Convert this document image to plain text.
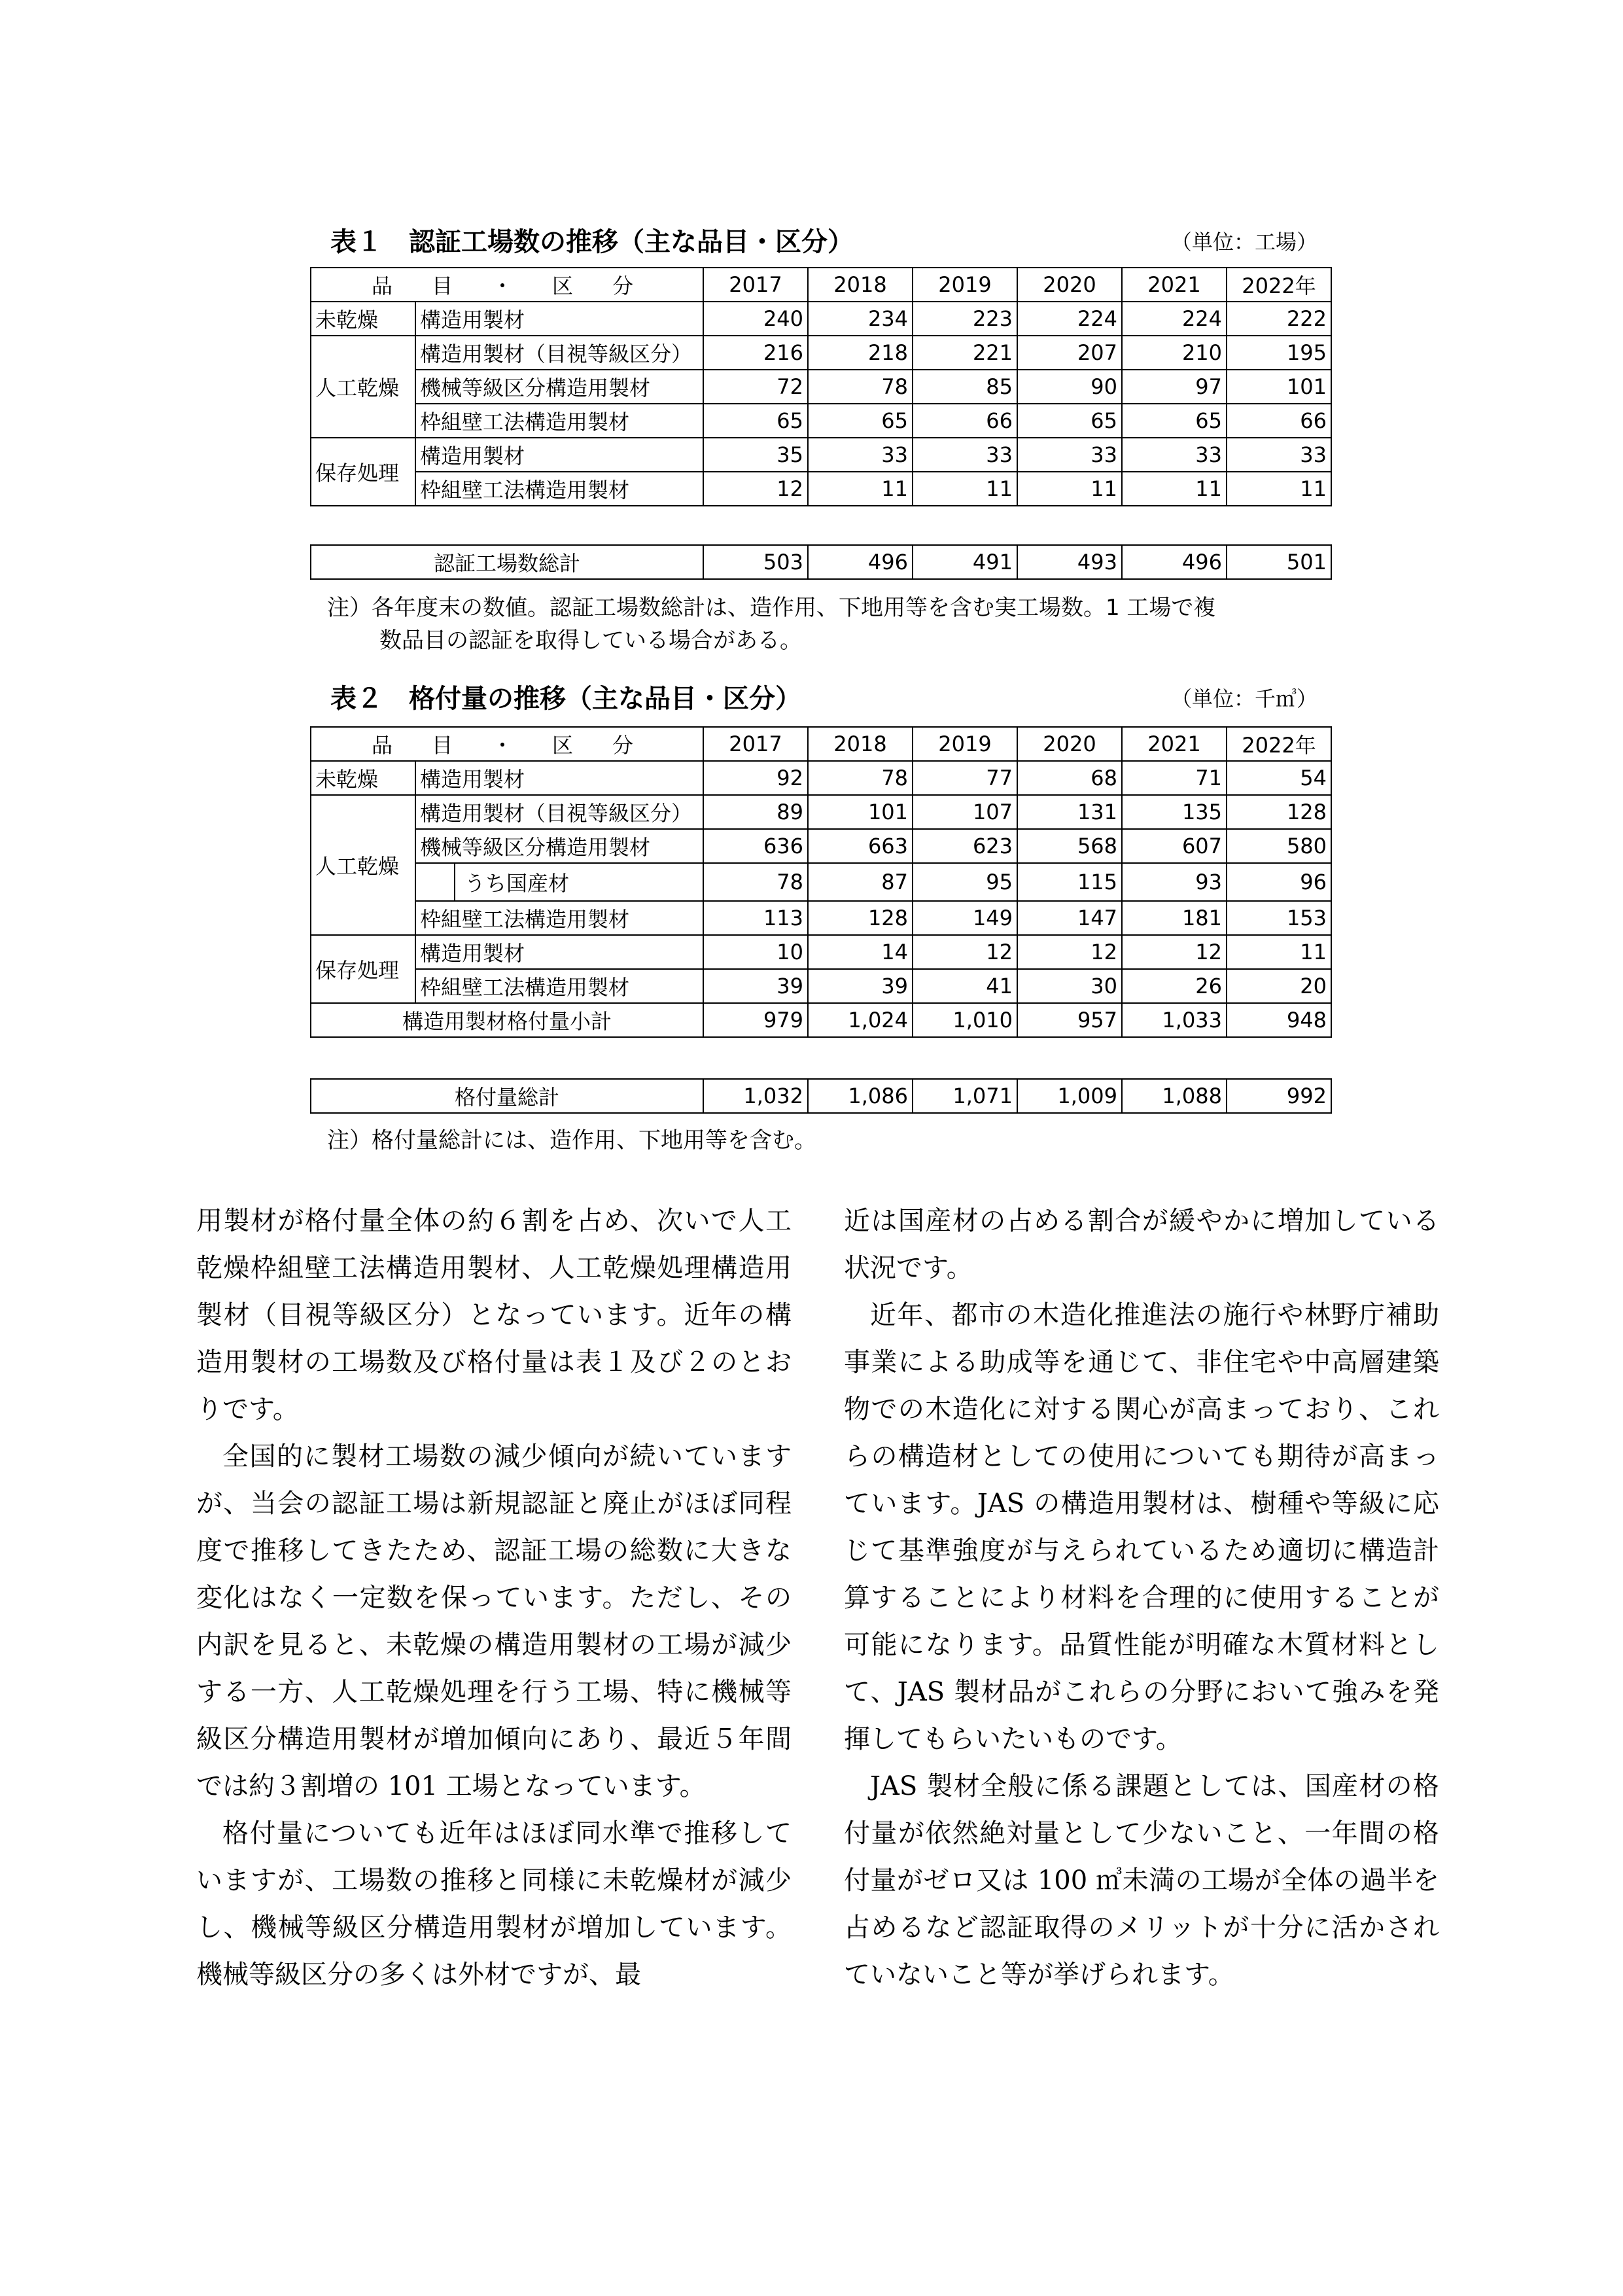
表１　認証工場数の推移（主な品目・区分）	（単位：工場）
品　目　・　区　分		2017	2018	2019	2020	2021	2022年
未乾燥	構造用製材	240	234	223	224	224	222
人工乾燥	構造用製材（目視等級区分）	216	218	221	207	210	195
	機械等級区分構造用製材	72	78	85	90	97	101
	枠組壁工法構造用製材	65	65	66	65	65	66
保存処理	構造用製材	35	33	33	33	33	33
	枠組壁工法構造用製材	12	11	11	11	11	11
認証工場数総計	503	496	491	493	496	501
注）各年度末の数値。認証工場数総計は、造作用、下地用等を含む実工場数。1 工場で複
数品目の認証を取得している場合がある。
表２　格付量の推移（主な品目・区分）	（単位：千㎥）
品　目　・　区　分		2017	2018	2019	2020	2021	2022年
未乾燥	構造用製材	92	78	77	68	71	54
人工乾燥	構造用製材（目視等級区分）	89	101	107	131	135	128
	機械等級区分構造用製材	636	663	623	568	607	580

	うち国産材	78	87	95	115	93	96
	枠組壁工法構造用製材	113	128	149	147	181	153
保存処理	構造用製材	10	14	12	12	12	11
	枠組壁工法構造用製材	39	39	41	30	26	20
構造用製材格付量小計		979	1,024	1,010	957	1,033	948
格付量総計	1,032	1,086	1,071	1,009	1,088	992
注）格付量総計には、造作用、下地用等を含む。

用製材が格付量全体の約６割を占め、次いで人工乾燥枠組壁工法構造用製材、人工乾燥処理構造用製材（目視等級区分）となっています。近年の構造用製材の工場数及び格付量は表１及び２のとおりです。

全国的に製材工場数の減少傾向が続いていますが、当会の認証工場は新規認証と廃止がほぼ同程度で推移してきたため、認証工場の総数に大きな変化はなく一定数を保っています。ただし、その内訳を見ると、未乾燥の構造用製材の工場が減少する一方、人工乾燥処理を行う工場、特に機械等級区分構造用製材が増加傾向にあり、最近５年間では約３割増の 101 工場となっています。

格付量についても近年はほぼ同水準で推移していますが、工場数の推移と同様に未乾燥材が減少し、機械等級区分構造用製材が増加しています。機械等級区分の多くは外材ですが、最

近は国産材の占める割合が緩やかに増加している状況です。

近年、都市の木造化推進法の施行や林野庁補助事業による助成等を通じて、非住宅や中高層建築物での木造化に対する関心が高まっており、これらの構造材としての使用についても期待が高まっています。JAS の構造用製材は、樹種や等級に応じて基準強度が与えられているため適切に構造計算することにより材料を合理的に使用することが可能になります。品質性能が明確な木質材料として、JAS 製材品がこれらの分野において強みを発揮してもらいたいものです。

JAS 製材全般に係る課題としては、国産材の格付量が依然絶対量として少ないこと、一年間の格付量がゼロ又は 100 ㎥未満の工場が全体の過半を占めるなど認証取得のメリットが十分に活かされていないこと等が挙げられます。
